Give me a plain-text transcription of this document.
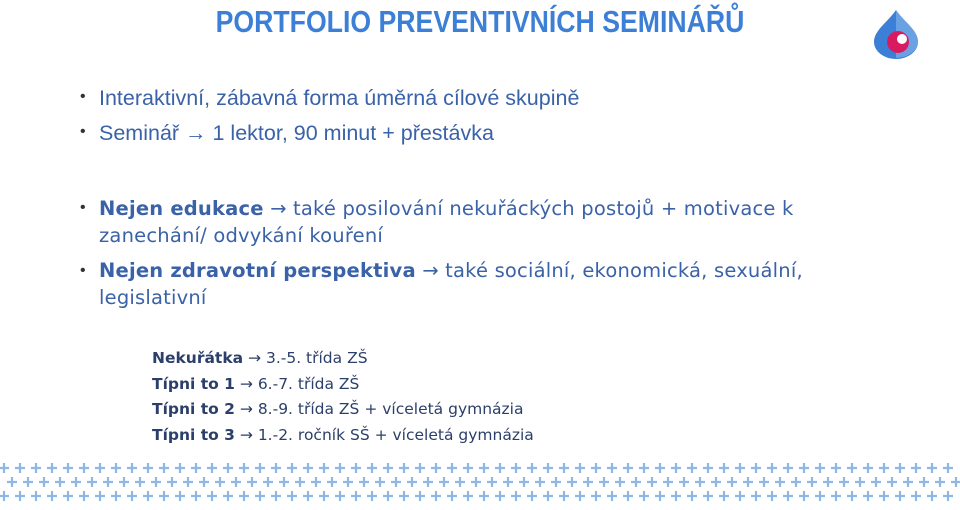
PORTFOLIO PREVENTIVNÍCH SEMINÁŘŮ
• Interaktivní, zábavná forma úměrná cílové skupině
• Seminář → 1 lektor, 90 minut + přestávka
• Nejen edukace → také posilování nekuřáckých postojů + motivace k
zanechání/ odvykání kouření
• Nejen zdravotní perspektiva → také sociální, ekonomická, sexuální,
legislativní
Nekuřátka → 3.-5. třída ZŠ
Típni to 1 → 6.-7. třída ZŠ
Típni to 2 → 8.-9. třída ZŠ + víceletá gymnázia
Típni to 3 → 1.-2. ročník SŠ + víceletá gymnázia
